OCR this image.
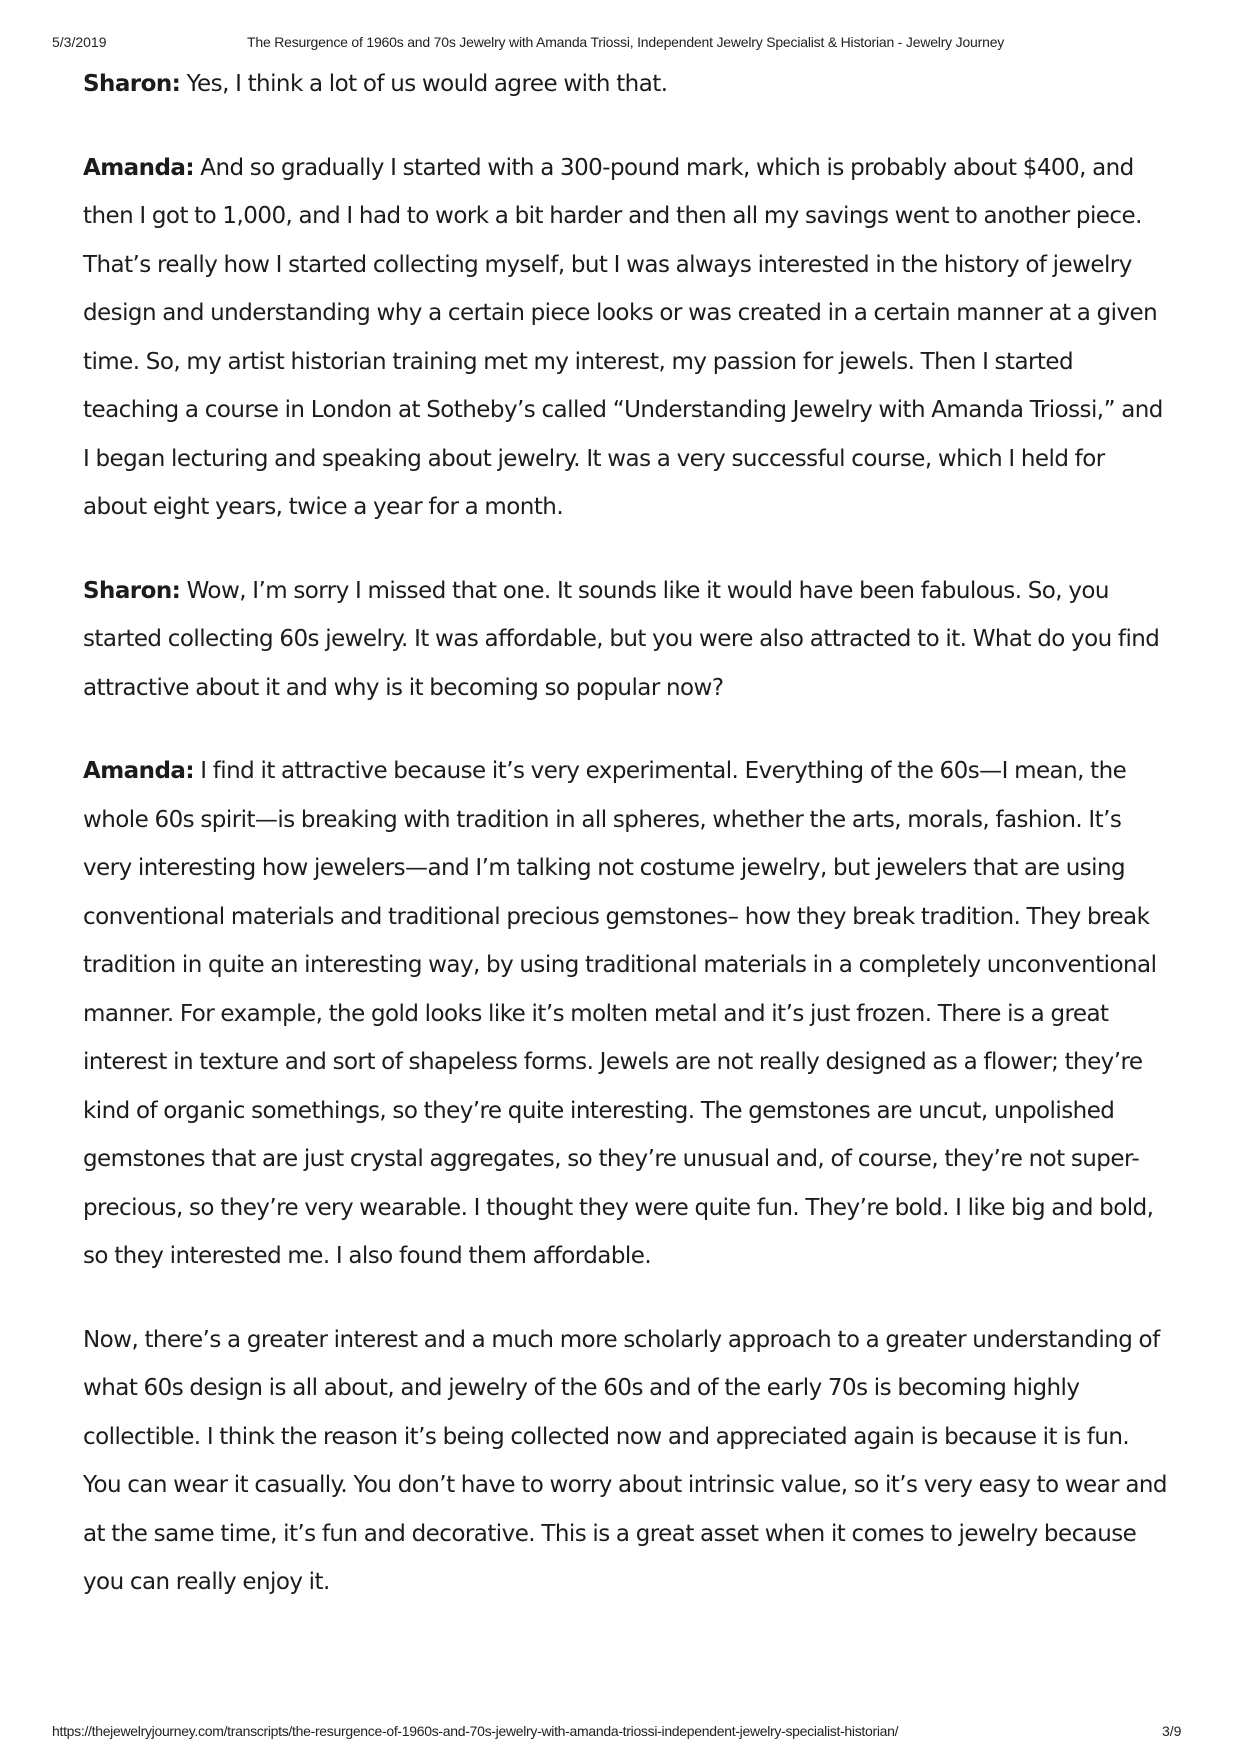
5/3/2019	The Resurgence of 1960s and 70s Jewelry with Amanda Triossi, Independent Jewelry Specialist & Historian - Jewelry Journey

Sharon: Yes, I think a lot of us would agree with that.

Amanda: And so gradually I started with a 300-pound mark, which is probably about $400, and then I got to 1,000, and I had to work a bit harder and then all my savings went to another piece. That’s really how I started collecting myself, but I was always interested in the history of jewelry design and understanding why a certain piece looks or was created in a certain manner at a given time. So, my artist historian training met my interest, my passion for jewels. Then I started teaching a course in London at Sotheby’s called “Understanding Jewelry with Amanda Triossi,” and I began lecturing and speaking about jewelry. It was a very successful course, which I held for about eight years, twice a year for a month.

Sharon: Wow, I’m sorry I missed that one. It sounds like it would have been fabulous. So, you started collecting 60s jewelry. It was affordable, but you were also attracted to it. What do you find attractive about it and why is it becoming so popular now?

Amanda: I find it attractive because it’s very experimental. Everything of the 60s—I mean, the whole 60s spirit—is breaking with tradition in all spheres, whether the arts, morals, fashion. It’s very interesting how jewelers—and I’m talking not costume jewelry, but jewelers that are using conventional materials and traditional precious gemstones– how they break tradition. They break tradition in quite an interesting way, by using traditional materials in a completely unconventional manner. For example, the gold looks like it’s molten metal and it’s just frozen. There is a great interest in texture and sort of shapeless forms. Jewels are not really designed as a flower; they’re kind of organic somethings, so they’re quite interesting. The gemstones are uncut, unpolished gemstones that are just crystal aggregates, so they’re unusual and, of course, they’re not super-precious, so they’re very wearable. I thought they were quite fun. They’re bold. I like big and bold, so they interested me. I also found them affordable.

Now, there’s a greater interest and a much more scholarly approach to a greater understanding of what 60s design is all about, and jewelry of the 60s and of the early 70s is becoming highly collectible. I think the reason it’s being collected now and appreciated again is because it is fun. You can wear it casually. You don’t have to worry about intrinsic value, so it’s very easy to wear and at the same time, it’s fun and decorative. This is a great asset when it comes to jewelry because you can really enjoy it.

https://thejewelryjourney.com/transcripts/the-resurgence-of-1960s-and-70s-jewelry-with-amanda-triossi-independent-jewelry-specialist-historian/	3/9
